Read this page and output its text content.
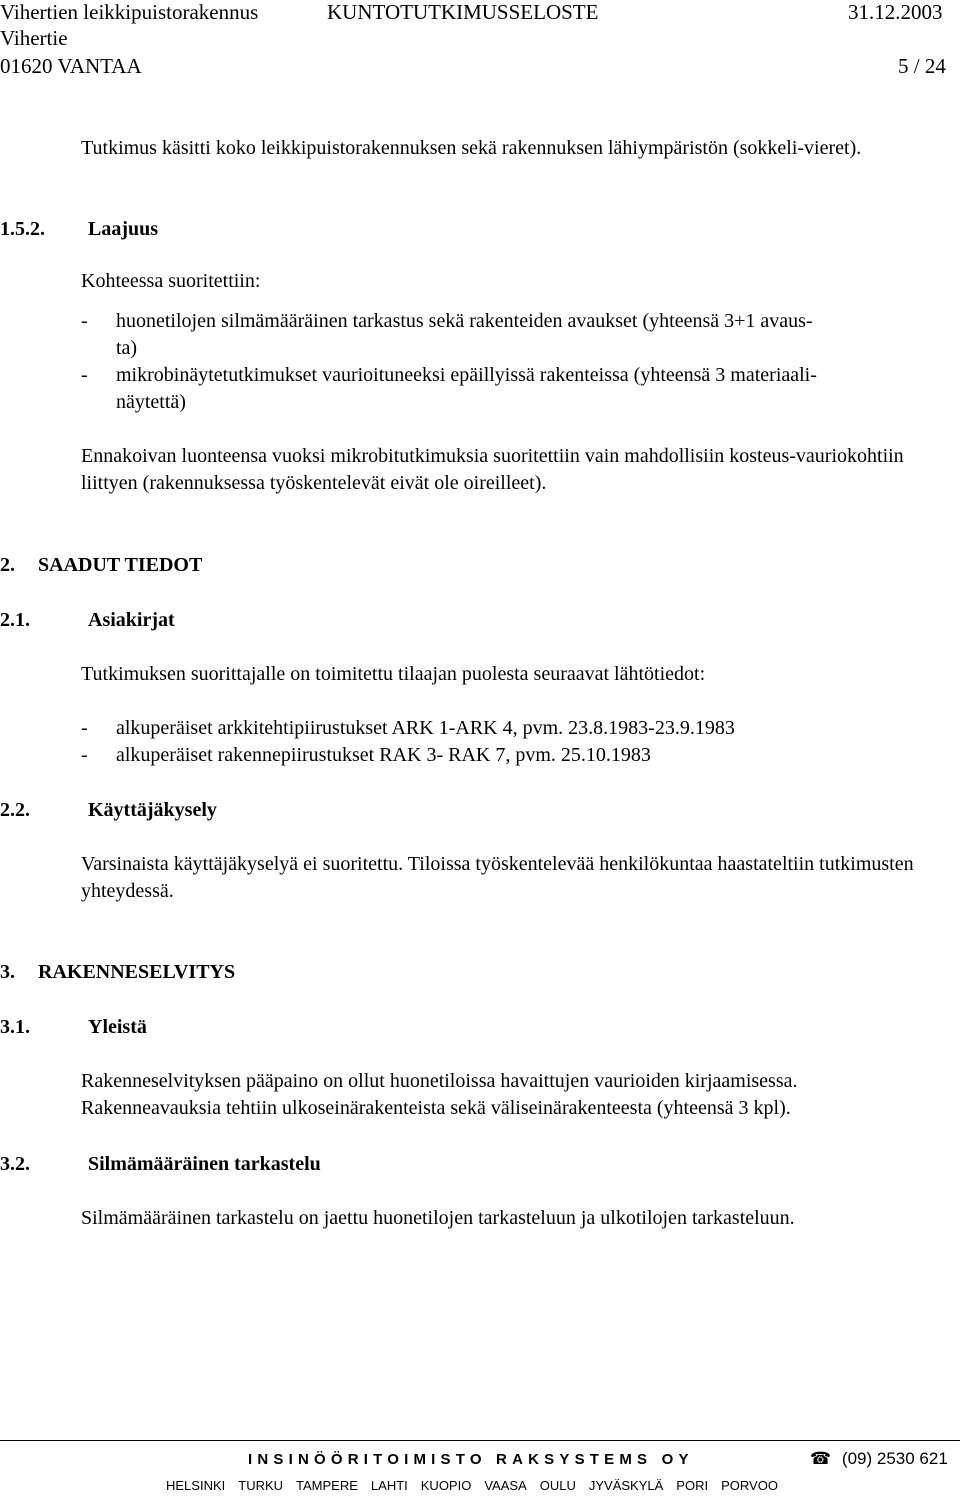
Vihertien leikkipuistorakennus	KUNTOTUTKIMUSSELOSTE	31.12.2003
Vihertie
01620 VANTAA	5 / 24
Tutkimus käsitti koko leikkipuistorakennuksen sekä rakennuksen lähiympäristön (sokkeli-vieret).
1.5.2. Laajuus
Kohteessa suoritettiin:
- huonetilojen silmämääräinen tarkastus sekä rakenteiden avaukset (yhteensä 3+1 avaus-
ta)
- mikrobinäytetutkimukset vaurioituneeksi epäillyissä rakenteissa (yhteensä 3 materiaali-
näytettä)
Ennakoivan luonteensa vuoksi mikrobitutkimuksia suoritettiin vain mahdollisiin kosteus-vauriokohtiin liittyen (rakennuksessa työskentelevät eivät ole oireilleet).
2. SAADUT TIEDOT
2.1.	Asiakirjat
Tutkimuksen suorittajalle on toimitettu tilaajan puolesta seuraavat lähtötiedot:
- alkuperäiset arkkitehtipiirustukset ARK 1-ARK 4, pvm. 23.8.1983-23.9.1983
- alkuperäiset rakennepiirustukset RAK 3- RAK 7, pvm. 25.10.1983
2.2.	Käyttäjäkysely
Varsinaista käyttäjäkyselyä ei suoritettu. Tiloissa työskentelevää henkilökuntaa haastateltiin tutkimusten yhteydessä.
3. RAKENNESELVITYS
3.1.	Yleistä
Rakenneselvityksen pääpaino on ollut huonetiloissa havaittujen vaurioiden kirjaamisessa.
Rakenneavauksia tehtiin ulkoseinärakenteista sekä väliseinärakenteesta (yhteensä 3 kpl).
3.2.	Silmämääräinen tarkastelu
Silmämääräinen tarkastelu on jaettu huonetilojen tarkasteluun ja ulkotilojen tarkasteluun.
INSINÖÖRITOIMISTO RAKSYSTEMS OY	☎ (09) 2530 621
HELSINKI TURKU TAMPERE LAHTI KUOPIO VAASA OULU JYVÄSKYLÄ PORI PORVOO
